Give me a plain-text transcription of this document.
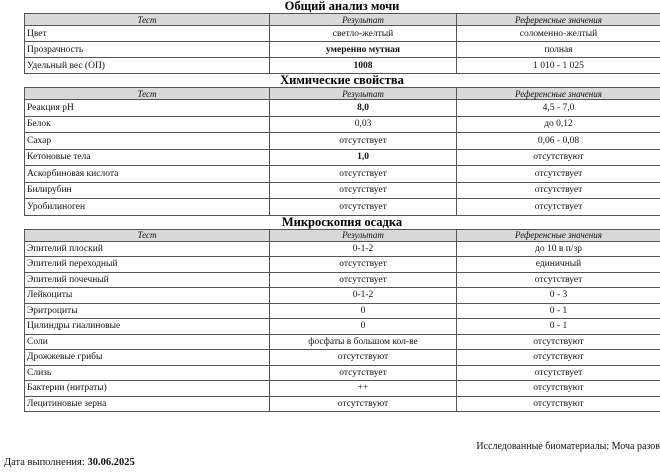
Общий анализ мочи
Тест	Результат	Референсные значения
Цвет	светло-желтый	соломенно-желтый
Прозрачность	умеренно мутная	полная
Удельный вес (ОП)	1008	1 010 - 1 025
Химические свойства
Тест	Результат	Референсные значения
Реакция pH	8,0	4,5 - 7,0
Белок	0,03	до 0,12
Сахар	отсутствует	0,06 - 0,08
Кетоновые тела	1,0	отсутствуют
Аскорбиновая кислота	отсутствует	отсутствует
Билирубин	отсутствует	отсутствует
Уробилиноген	отсутствует	отсутствует
Микроскопия осадка
Тест	Результат	Референсные значения
Эпителий плоский	0-1-2	до 10 в п/зр
Эпителий переходный	отсутствует	единичный
Эпителий почечный	отсутствует	отсутствует
Лейкоциты	0-1-2	0 - 3
Эритроциты	0	0 - 1
Цилиндры гиалиновые	0	0 - 1
Соли	фосфаты в большом кол-ве	отсутствуют
Дрожжевые грибы	отсутствуют	отсутствуют
Слизь	отсутствует	отсутствует
Бактерии (нитраты)	++	отсутствуют
Лецитиновые зерна	отсутствуют	отсутствуют
Исследованные биоматериалы: Моча разов
Дата выполнения: 30.06.2025
